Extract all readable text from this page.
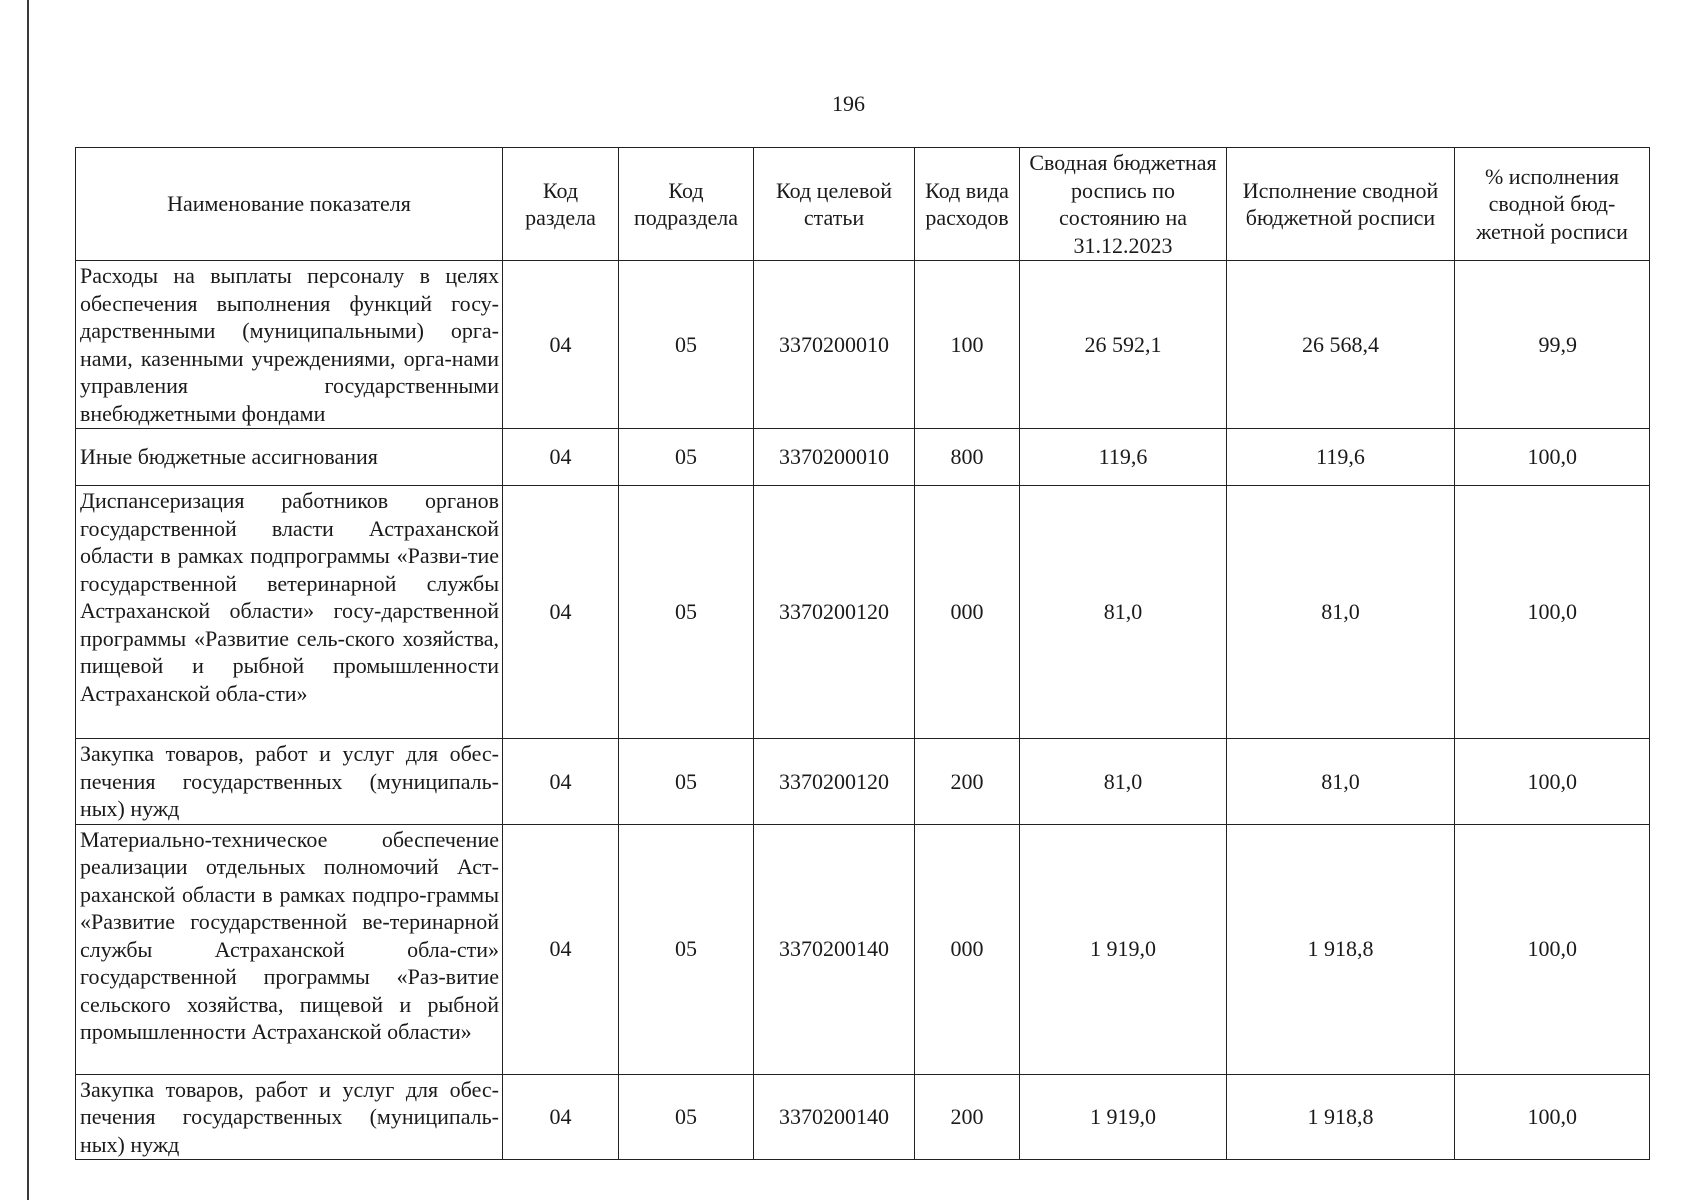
196
Наименование показателя	Код раздела	Код подраздела	Код целевой статьи	Код вида расходов	Сводная бюджетная роспись по состоянию на 31.12.2023	Исполнение сводной бюджетной росписи	% исполнения сводной бюд-жетной росписи
Расходы на выплаты персоналу в целях обеспечения выполнения функций госу-дарственными (муниципальными) орга-нами, казенными учреждениями, орга-нами управления государственными внебюджетными фондами	04	05	3370200010	100	26 592,1	26 568,4	99,9
Иные бюджетные ассигнования	04	05	3370200010	800	119,6	119,6	100,0
Диспансеризация работников органов государственной власти Астраханской области в рамках подпрограммы «Разви-тие государственной ветеринарной службы Астраханской области» госу-дарственной программы «Развитие сель-ского хозяйства, пищевой и рыбной промышленности Астраханской обла-сти»	04	05	3370200120	000	81,0	81,0	100,0
Закупка товаров, работ и услуг для обес-печения государственных (муниципаль-ных) нужд	04	05	3370200120	200	81,0	81,0	100,0
Материально-техническое обеспечение реализации отдельных полномочий Аст-раханской области в рамках подпро-граммы «Развитие государственной ве-теринарной службы Астраханской обла-сти» государственной программы «Раз-витие сельского хозяйства, пищевой и рыбной промышленности Астраханской области»	04	05	3370200140	000	1 919,0	1 918,8	100,0
Закупка товаров, работ и услуг для обес-печения государственных (муниципаль-ных) нужд	04	05	3370200140	200	1 919,0	1 918,8	100,0
